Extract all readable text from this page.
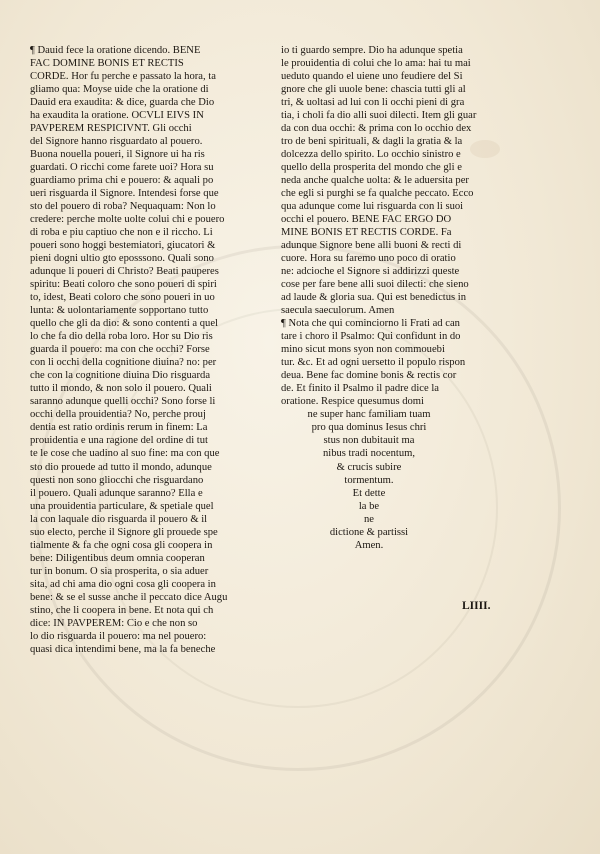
¶ Dauid fece la oratione dicendo. BENE
FAC DOMINE BONIS ET RECTIS
CORDE. Hor fu perche e passato la hora, ta
gliamo qua: Moyse uide che la oratione di
Dauid era exaudita: & dice, guarda che Dio
ha exaudita la oratione. OCVLI EIVS IN
PAVPEREM RESPICIVNT. Gli occhi
del Signore hanno risguardato al pouero.
Buona nouella poueri, il Signore ui ha ris
guardati. O ricchi come farete uoi? Hora su
guardiamo prima chi e pouero: & aquali po
ueri risguarda il Signore. Intendesi forse que
sto del pouero di roba? Nequaquam: Non lo
credere: perche molte uolte colui chi e pouero
di roba e piu captiuo che non e il riccho. Li
poueri sono hoggi bestemiatori, giucatori &
pieni dogni ultio gto eposssono. Quali sono
adunque li poueri di Christo? Beati pauperes
spiritu: Beati coloro che sono poueri di spiri
to, idest, Beati coloro che sono poueri in uo
lunta: & uolontariamente sopportano tutto
quello che gli da dio: & sono contenti a quel
lo che fa dio della roba loro. Hor su Dio ris
guarda il pouero: ma con che occhi? Forse
con li occhi della cognitione diuina? no: per
che con la cognitione diuina Dio risguarda
tutto il mondo, & non solo il pouero. Quali
saranno adunque quelli occhi? Sono forse li
occhi della prouidentia? No, perche prouj
dentia est ratio ordinis rerum in finem: La
prouidentia e una ragione del ordine di tut
te le cose che uadino al suo fine: ma con que
sto dio prouede ad tutto il mondo, adunque
questi non sono gliocchi che risguardano
il pouero. Quali adunque saranno? Ella e
una prouidentia particulare, & spetiale quel
la con laquale dio risguarda il pouero & il
suo electo, perche il Signore gli prouede spe
tialmente & fa che ogni cosa gli coopera in
bene: Diligentibus deum omnia cooperan
tur in bonum. O sia prosperita, o sia aduer
sita, ad chi ama dio ogni cosa gli coopera in
bene: & se el susse anche il peccato dice Augu
stino, che li coopera in bene. Et nota qui ch
dice: IN PAVPEREM: Cio e che non so
lo dio risguarda il pouero: ma nel pouero:
quasi dica intendimi bene, ma la fa beneche
io ti guardo sempre. Dio ha adunque spetia
le prouidentia di colui che lo ama: hai tu mai
ueduto quando el uiene uno feudiere del Si
gnore che gli uuole bene: chascia tutti gli al
tri, & uoltasi ad lui con li occhi pieni di gra
tia, i choli fa dio alli suoi dilecti. Item gli guar
da con dua occhi: & prima con lo occhio dex
tro de beni spirituali, & dagli la gratia & la
dolcezza dello spirito. Lo occhio sinistro e
quello della prosperita del mondo che gli e
neda anche qualche uolta: & le aduersita per
che egli si purghi se fa qualche peccato. Ecco
qua adunque come lui risguarda con li suoi
occhi el pouero. BENE FAC ERGO DO
MINE BONIS ET RECTIS CORDE. Fa
adunque Signore bene alli buoni & recti di
cuore. Hora su faremo uno poco di oratio
ne: adcioche el Signore si addirizzi queste
cose per fare bene alli suoi dilecti: che sieno
ad laude & gloria sua. Qui est benedictus in
saecula saeculorum. Amen
¶ Nota che qui cominciorno li Frati ad can
tare i choro il Psalmo: Qui confidunt in do
mino sicut mons syon non commouebi
tur. &c. Et ad ogni uersetto il populo rispon
deua. Bene fac domine bonis & rectis cor
de. Et finito il Psalmo il padre dice la
oratione. Respice quesumus domi
ne super hanc familiam tuam
pro qua dominus Iesus chri
stus non dubitauit ma
nibus tradi nocentum,
& crucis subire
tormentum.
Et dette
la be
ne
dictione & partissi
Amen.
LIIII.
